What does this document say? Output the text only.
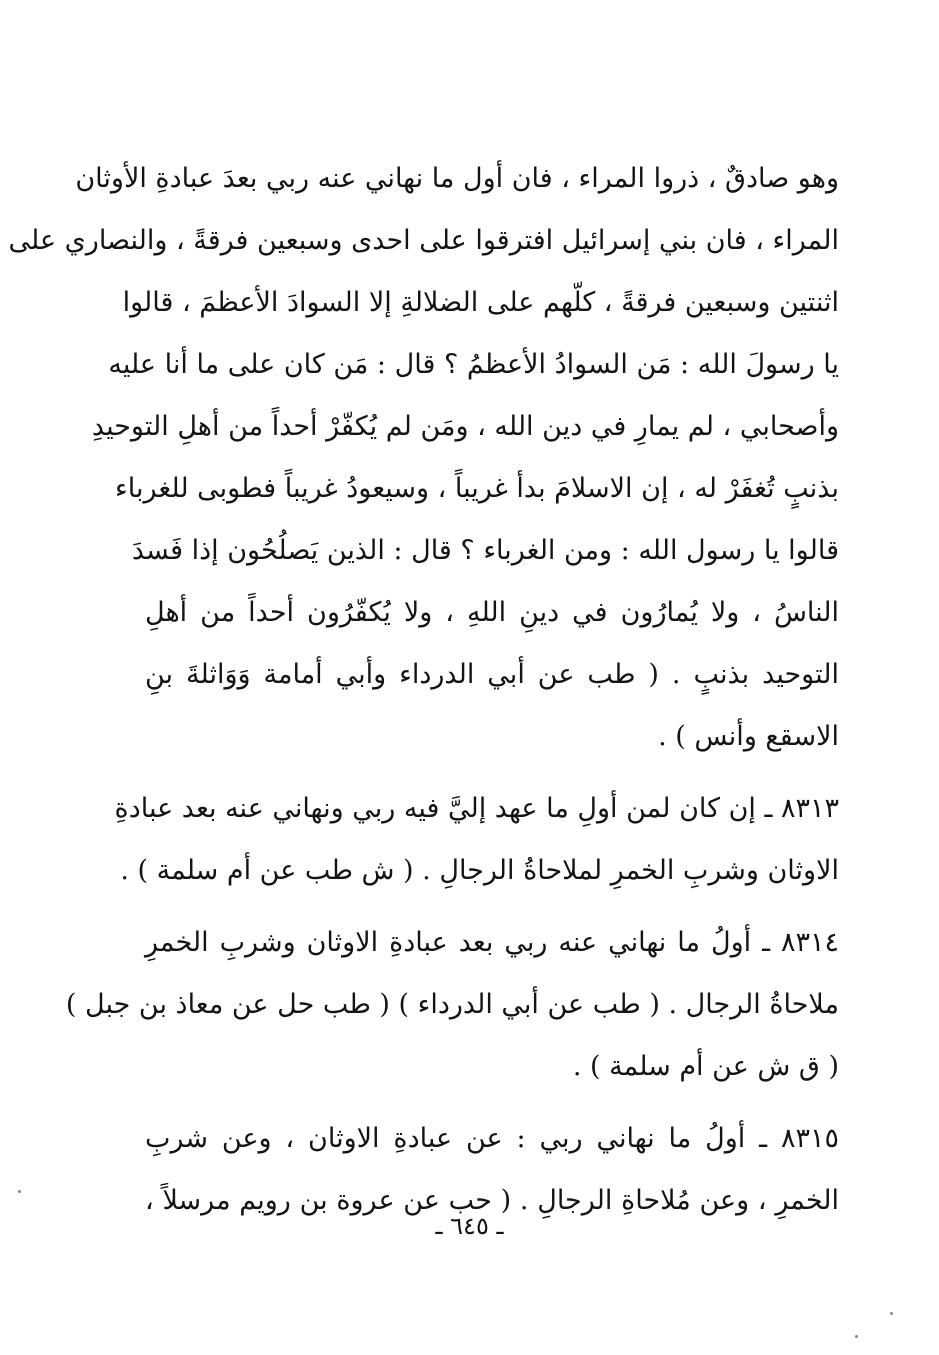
وهو صادقٌ ، ذروا المراء ، فان أول ما نهاني عنه ربي بعدَ عبادةِ الأوثان
المراء ، فان بني إسرائيل افترقوا على احدى وسبعين فرقةً ، والنصاري على
اثنتين وسبعين فرقةً ، كلّهم على الضلالةِ إلا السوادَ الأعظمَ ، قالوا
يا رسولَ الله : مَن السوادُ الأعظمُ ؟ قال : مَن كان على ما أنا عليه
وأصحابي ، لم يمارِ في دين الله ، ومَن لم يُكفّرْ أحداً من أهلِ التوحيدِ
بذنبٍ تُغفَرْ له ، إن الاسلامَ بدأ غريباً ، وسيعودُ غريباً فطوبى للغرباء
قالوا يا رسول الله : ومن الغرباء ؟ قال : الذين يَصلُحُون إذا فَسدَ
الناسُ ، ولا يُمارُون في دينِ اللهِ ، ولا يُكفّرُون أحداً من أهلِ
التوحيد بذنبٍ . ( طب عن أبي الدرداء وأبي أمامة وَوَاثلةَ بنِ
الاسقع وأنس ) .
٨٣١٣ ـ إن كان لمن أولِ ما عهد إليَّ فيه ربي ونهاني عنه بعد عبادةِ
الاوثان وشربِ الخمرِ لملاحاةُ الرجالِ . ( ش طب عن أم سلمة ) .
٨٣١٤ ـ أولُ ما نهاني عنه ربي بعد عبادةِ الاوثان وشربِ الخمرِ
ملاحاةُ الرجال . ( طب عن أبي الدرداء ) ( طب حل عن معاذ بن جبل )
( ق ش عن أم سلمة ) .
٨٣١٥ ـ أولُ ما نهاني ربي : عن عبادةِ الاوثان ، وعن شربِ
الخمرِ ، وعن مُلاحاةِ الرجالِ . ( حب عن عروة بن رويم مرسلاً ،
ـ ٦٤٥ ـ
